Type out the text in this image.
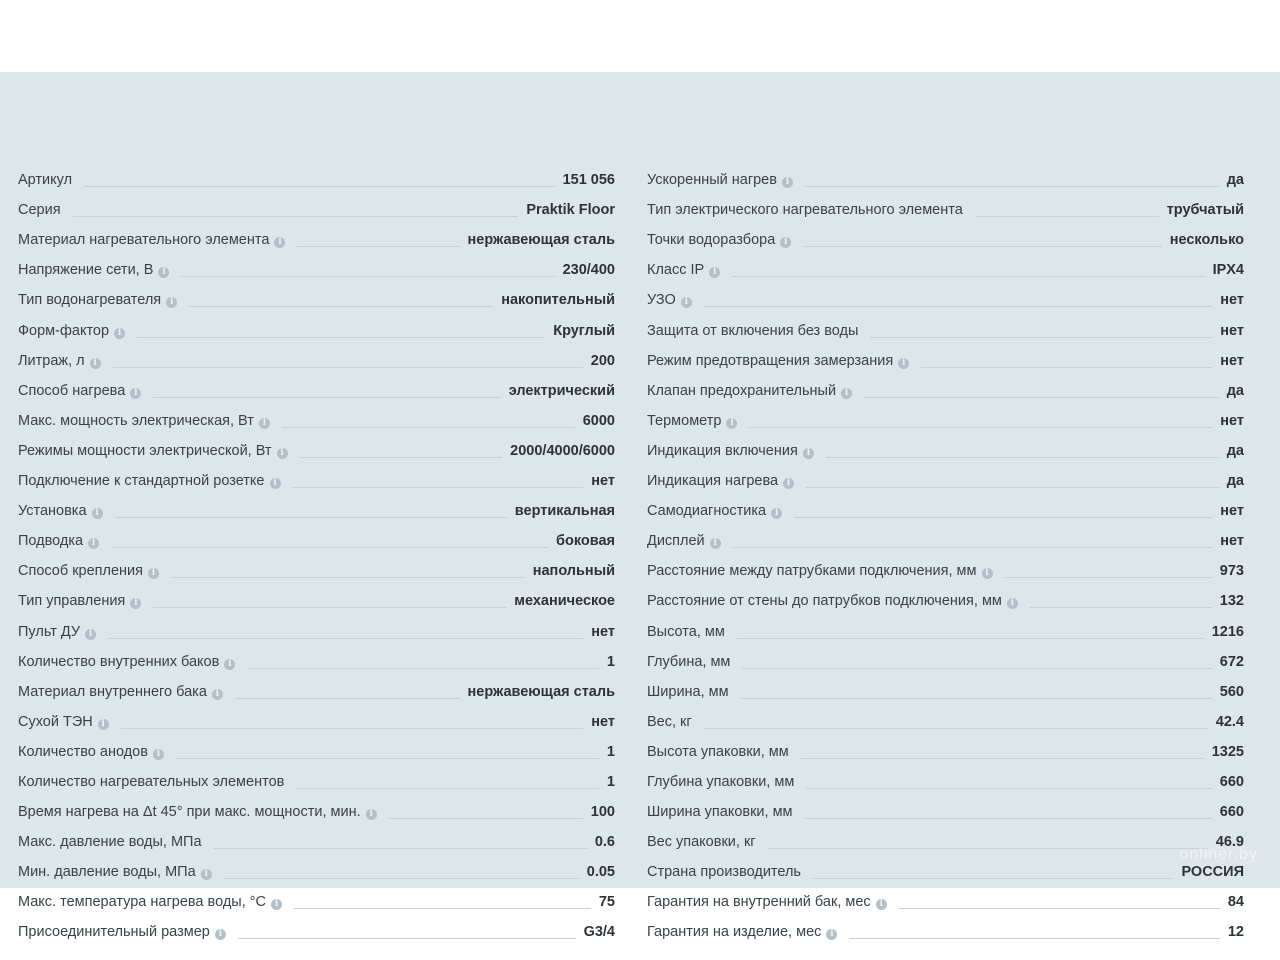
Артикул	151 056
Серия	Praktik Floor
Материал нагревательного элемента i	нержавеющая сталь
Напряжение сети, В i	230/400
Тип водонагревателя i	накопительный
Форм-фактор i	Круглый
Литраж, л i	200
Способ нагрева i	электрический
Макс. мощность электрическая, Вт i	6000
Режимы мощности электрической, Вт i	2000/4000/6000
Подключение к стандартной розетке i	нет
Установка i	вертикальная
Подводка i	боковая
Способ крепления i	напольный
Тип управления i	механическое
Пульт ДУ i	нет
Количество внутренних баков i	1
Материал внутреннего бака i	нержавеющая сталь
Сухой ТЭН i	нет
Количество анодов i	1
Количество нагревательных элементов	1
Время нагрева на Δt 45° при макс. мощности, мин. i	100
Макс. давление воды, МПа	0.6
Мин. давление воды, МПа i	0.05
Макс. температура нагрева воды, °С i	75
Присоединительный размер i	G3/4
Ускоренный нагрев i	да
Тип электрического нагревательного элемента	трубчатый
Точки водоразбора i	несколько
Класс IP i	IPX4
УЗО i	нет
Защита от включения без воды	нет
Режим предотвращения замерзания i	нет
Клапан предохранительный i	да
Термометр i	нет
Индикация включения i	да
Индикация нагрева i	да
Самодиагностика i	нет
Дисплей i	нет
Расстояние между патрубками подключения, мм i	973
Расстояние от стены до патрубков подключения, мм i	132
Высота, мм	1216
Глубина, мм	672
Ширина, мм	560
Вес, кг	42.4
Высота упаковки, мм	1325
Глубина упаковки, мм	660
Ширина упаковки, мм	660
Вес упаковки, кг	46.9
Страна производитель	РОССИЯ
Гарантия на внутренний бак, мес i	84
Гарантия на изделие, мес i	12
onliner.by
